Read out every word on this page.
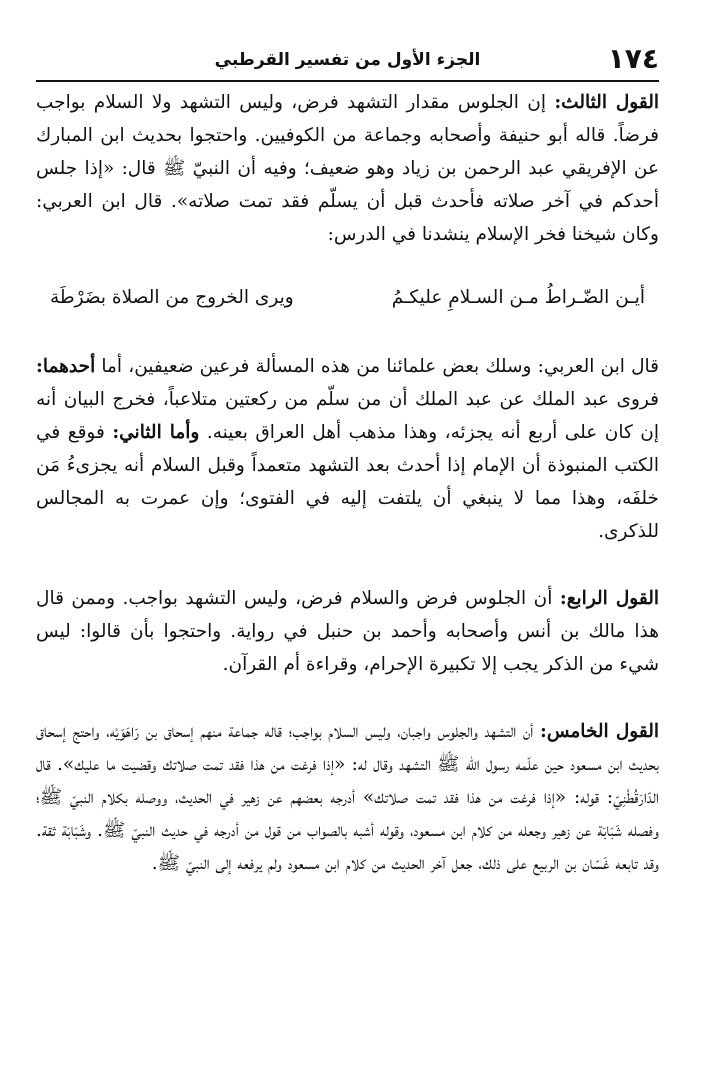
١٧٤
الجزء الأول من تفسير القرطبي

القول الثالث: إن الجلوس مقدار التشهد فرض، وليس التشهد ولا السلام بواجب فرضاً. قاله أبو حنيفة وأصحابه وجماعة من الكوفيين. واحتجوا بحديث ابن المبارك عن الإفريقي عبد الرحمن بن زياد وهو ضعيف؛ وفيه أن النبيّ ﷺ قال: «إذا جلس أحدكم في آخر صلاته فأحدث قبل أن يسلّم فقد تمت صلاته». قال ابن العربي: وكان شيخنا فخر الإسلام ينشدنا في الدرس:

أيـن الضّـراطُ مـن السـلامِ عليكـمُ
ويرى الخروج من الصلاة بضَرْطَة

قال ابن العربي: وسلك بعض علمائنا من هذه المسألة فرعين ضعيفين، أما أحدهما: فروى عبد الملك عن عبد الملك أن من سلّم من ركعتين متلاعباً، فخرج البيان أنه إن كان على أربع أنه يجزئه، وهذا مذهب أهل العراق بعينه. وأما الثاني: فوقع في الكتب المنبوذة أن الإمام إذا أحدث بعد التشهد متعمداً وقبل السلام أنه يجزىءُ مَن خلفَه، وهذا مما لا ينبغي أن يلتفت إليه في الفتوى؛ وإن عمرت به المجالس للذكرى.

القول الرابع: أن الجلوس فرض والسلام فرض، وليس التشهد بواجب. وممن قال هذا مالك بن أنس وأصحابه وأحمد بن حنبل في رواية. واحتجوا بأن قالوا: ليس شيء من الذكر يجب إلا تكبيرة الإحرام، وقراءة أم القرآن.

القول الخامس: أن التشهد والجلوس واجبان، وليس السلام بواجب؛ قاله جماعة منهم إسحاق بن رَاهَوَيْه، واحتج إسحاق بحديث ابن مسعود حين علّمه رسول الله ﷺ التشهد وقال له: «إذا فرغت من هذا فقد تمت صلاتك وقضيت ما عليك». قال الدّارَقُطْنِيّ: قوله: «إذا فرغت من هذا فقد تمت صلاتك» أدرجه بعضهم عن زهير في الحديث، ووصله بكلام النبيّ ﷺ؛ وفصله شَبَابَة عن زهير وجعله من كلام ابن مسعود، وقوله أشبه بالصواب من قول من أدرجه في حديث النبيّ ﷺ. وشَبَابَة ثقة. وقد تابعه غَسّان بن الربيع على ذلك، جعل آخر الحديث من كلام ابن مسعود ولم يرفعه إلى النبيّ ﷺ.
